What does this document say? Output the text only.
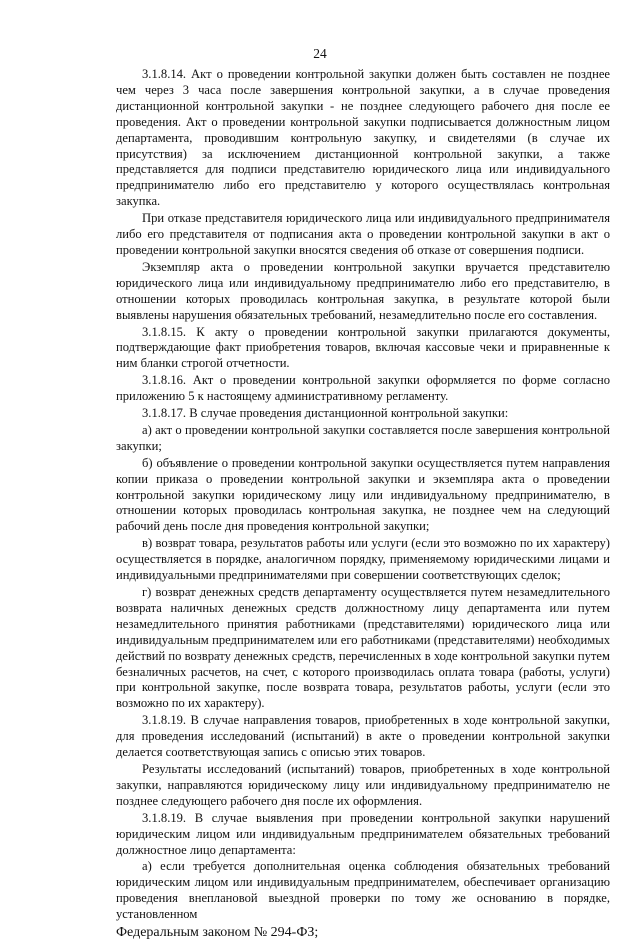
24

3.1.8.14. Акт о проведении контрольной закупки должен быть составлен не позднее чем через 3 часа после завершения контрольной закупки, а в случае проведения дистанционной контрольной закупки - не позднее следующего рабочего дня после ее проведения. Акт о проведении контрольной закупки подписывается должностным лицом департамента, проводившим контрольную закупку, и свидетелями (в случае их присутствия) за исключением дистанционной контрольной закупки, а также представляется для подписи представителю юридического лица или индивидуального предпринимателю либо его представителю у которого осуществлялась контрольная закупка.

При отказе представителя юридического лица или индивидуального предпринимателя либо его представителя от подписания акта о проведении контрольной закупки в акт о проведении контрольной закупки вносятся сведения об отказе от совершения подписи.

Экземпляр акта о проведении контрольной закупки вручается представителю юридического лица или индивидуальному предпринимателю либо его представителю, в отношении которых проводилась контрольная закупка, в результате которой были выявлены нарушения обязательных требований, незамедлительно после его составления.

3.1.8.15. К акту о проведении контрольной закупки прилагаются документы, подтверждающие факт приобретения товаров, включая кассовые чеки и приравненные к ним бланки строгой отчетности.

3.1.8.16. Акт о проведении контрольной закупки оформляется по форме согласно приложению 5 к настоящему административному регламенту.

3.1.8.17. В случае проведения дистанционной контрольной закупки:

а) акт о проведении контрольной закупки составляется после завершения контрольной закупки;

б) объявление о проведении контрольной закупки осуществляется путем направления копии приказа о проведении контрольной закупки и экземпляра акта о проведении контрольной закупки юридическому лицу или индивидуальному предпринимателю, в отношении которых проводилась контрольная закупка, не позднее чем на следующий рабочий день после дня проведения контрольной закупки;

в) возврат товара, результатов работы или услуги (если это возможно по их характеру) осуществляется в порядке, аналогичном порядку, применяемому юридическими лицами и индивидуальными предпринимателями при совершении соответствующих сделок;

г) возврат денежных средств департаменту осуществляется путем незамедлительного возврата наличных денежных средств должностному лицу департамента или путем незамедлительного принятия работниками (представителями) юридического лица или индивидуальным предпринимателем или его работниками (представителями) необходимых действий по возврату денежных средств, перечисленных в ходе контрольной закупки путем безналичных расчетов, на счет, с которого производилась оплата товара (работы, услуги) при контрольной закупке, после возврата товара, результатов работы, услуги (если это возможно по их характеру).

3.1.8.19. В случае направления товаров, приобретенных в ходе контрольной закупки, для проведения исследований (испытаний) в акте о проведении контрольной закупки делается соответствующая запись с описью этих товаров.

Результаты исследований (испытаний) товаров, приобретенных в ходе контрольной закупки, направляются юридическому лицу или индивидуальному предпринимателю не позднее следующего рабочего дня после их оформления.

3.1.8.19. В случае выявления при проведении контрольной закупки нарушений юридическим лицом или индивидуальным предпринимателем обязательных требований должностное лицо департамента:

а) если требуется дополнительная оценка соблюдения обязательных требований юридическим лицом или индивидуальным предпринимателем, обеспечивает организацию проведения внеплановой выездной проверки по тому же основанию в порядке, установленном

Федеральным законом № 294-ФЗ;
